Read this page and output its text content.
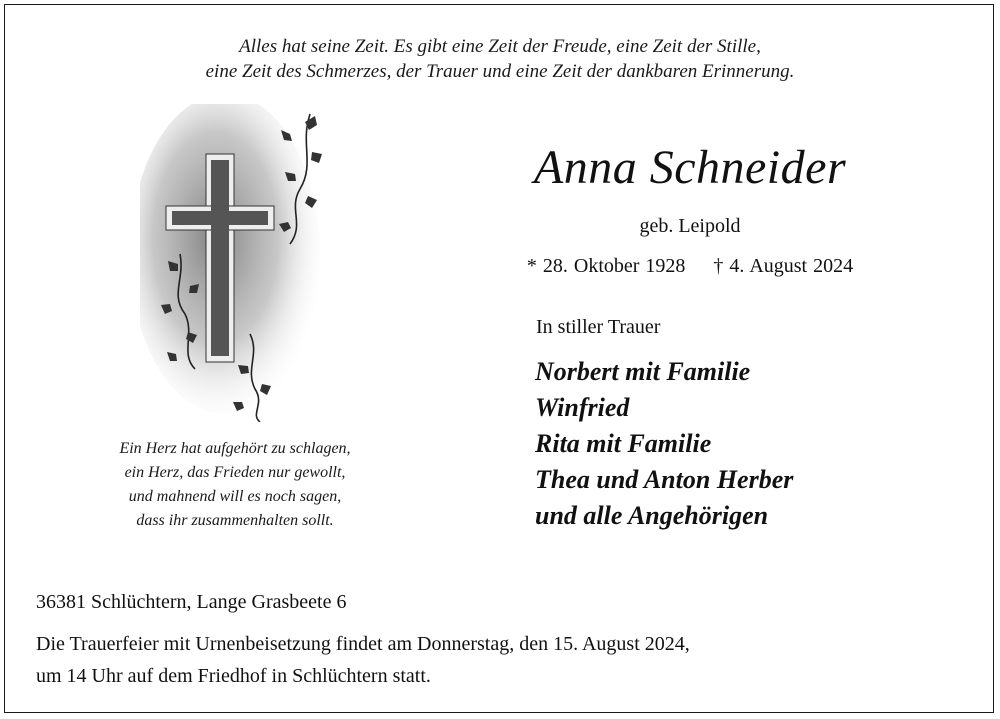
Alles hat seine Zeit. Es gibt eine Zeit der Freude, eine Zeit der Stille,
eine Zeit des Schmerzes, der Trauer und eine Zeit der dankbaren Erinnerung.
Ein Herz hat aufgehört zu schlagen,
ein Herz, das Frieden nur gewollt,
und mahnend will es noch sagen,
dass ihr zusammenhalten sollt.
Anna Schneider
geb. Leipold
* 28. Oktober 1928 † 4. August 2024
In stiller Trauer
Norbert mit Familie
Winfried
Rita mit Familie
Thea und Anton Herber
und alle Angehörigen
36381 Schlüchtern, Lange Grasbeete 6
Die Trauerfeier mit Urnenbeisetzung findet am Donnerstag, den 15. August 2024,
um 14 Uhr auf dem Friedhof in Schlüchtern statt.
